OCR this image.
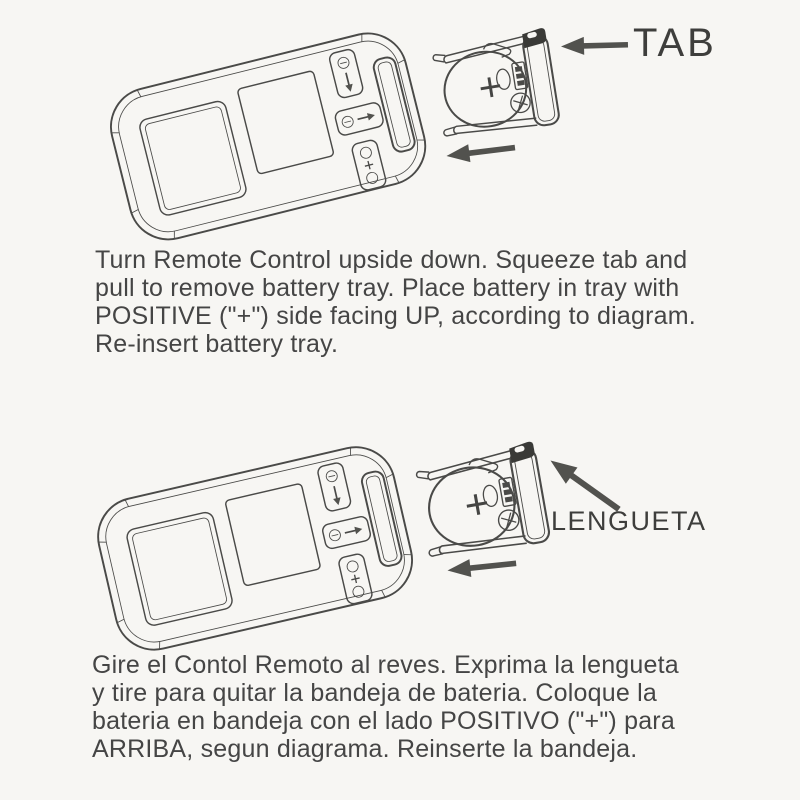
+
+
TAB
LENGUETA
Turn Remote Control upside down. Squeeze tab and
pull to remove battery tray. Place battery in tray with
POSITIVE ("+") side facing UP, according to diagram.
Re-insert battery tray.
Gire el Contol Remoto al reves. Exprima la lengueta
y tire para quitar la bandeja de bateria. Coloque la
bateria en bandeja con el lado POSITIVO ("+") para
ARRIBA, segun diagrama. Reinserte la bandeja.
